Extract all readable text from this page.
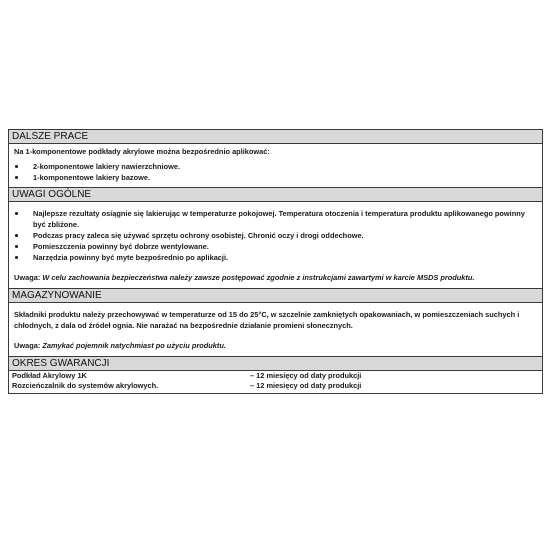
DALSZE PRACE
Na 1-komponentowe podkłady akrylowe można bezpośrednio aplikować:
2-komponentowe lakiery nawierzchniowe.
1-komponentowe lakiery bazowe.
UWAGI OGÓLNE
Najlepsze rezultaty osiągnie się lakierując w temperaturze pokojowej. Temperatura otoczenia i temperatura produktu aplikowanego powinny być zbliżone.
Podczas pracy zaleca się używać sprzętu ochrony osobistej. Chronić oczy i drogi oddechowe.
Pomieszczenia powinny być dobrze wentylowane.
Narzędzia powinny być myte bezpośrednio po aplikacji.
Uwaga: W celu zachowania bezpieczeństwa należy zawsze postępować zgodnie z instrukcjami zawartymi w karcie MSDS produktu.
MAGAZYNOWANIE

Składniki produktu należy przechowywać w temperaturze od 15 do 25°C, w szczelnie zamkniętych opakowaniach, w pomieszczeniach suchych i chłodnych, z dala od źródeł ognia. Nie narażać na bezpośrednie działanie promieni słonecznych.

Uwaga: Zamykać pojemnik natychmiast po użyciu produktu.
OKRES GWARANCJI
Podkład Akrylowy 1K	– 12 miesięcy od daty produkcji
Rozcieńczalnik do systemów akrylowych.	– 12 miesięcy od daty produkcji
